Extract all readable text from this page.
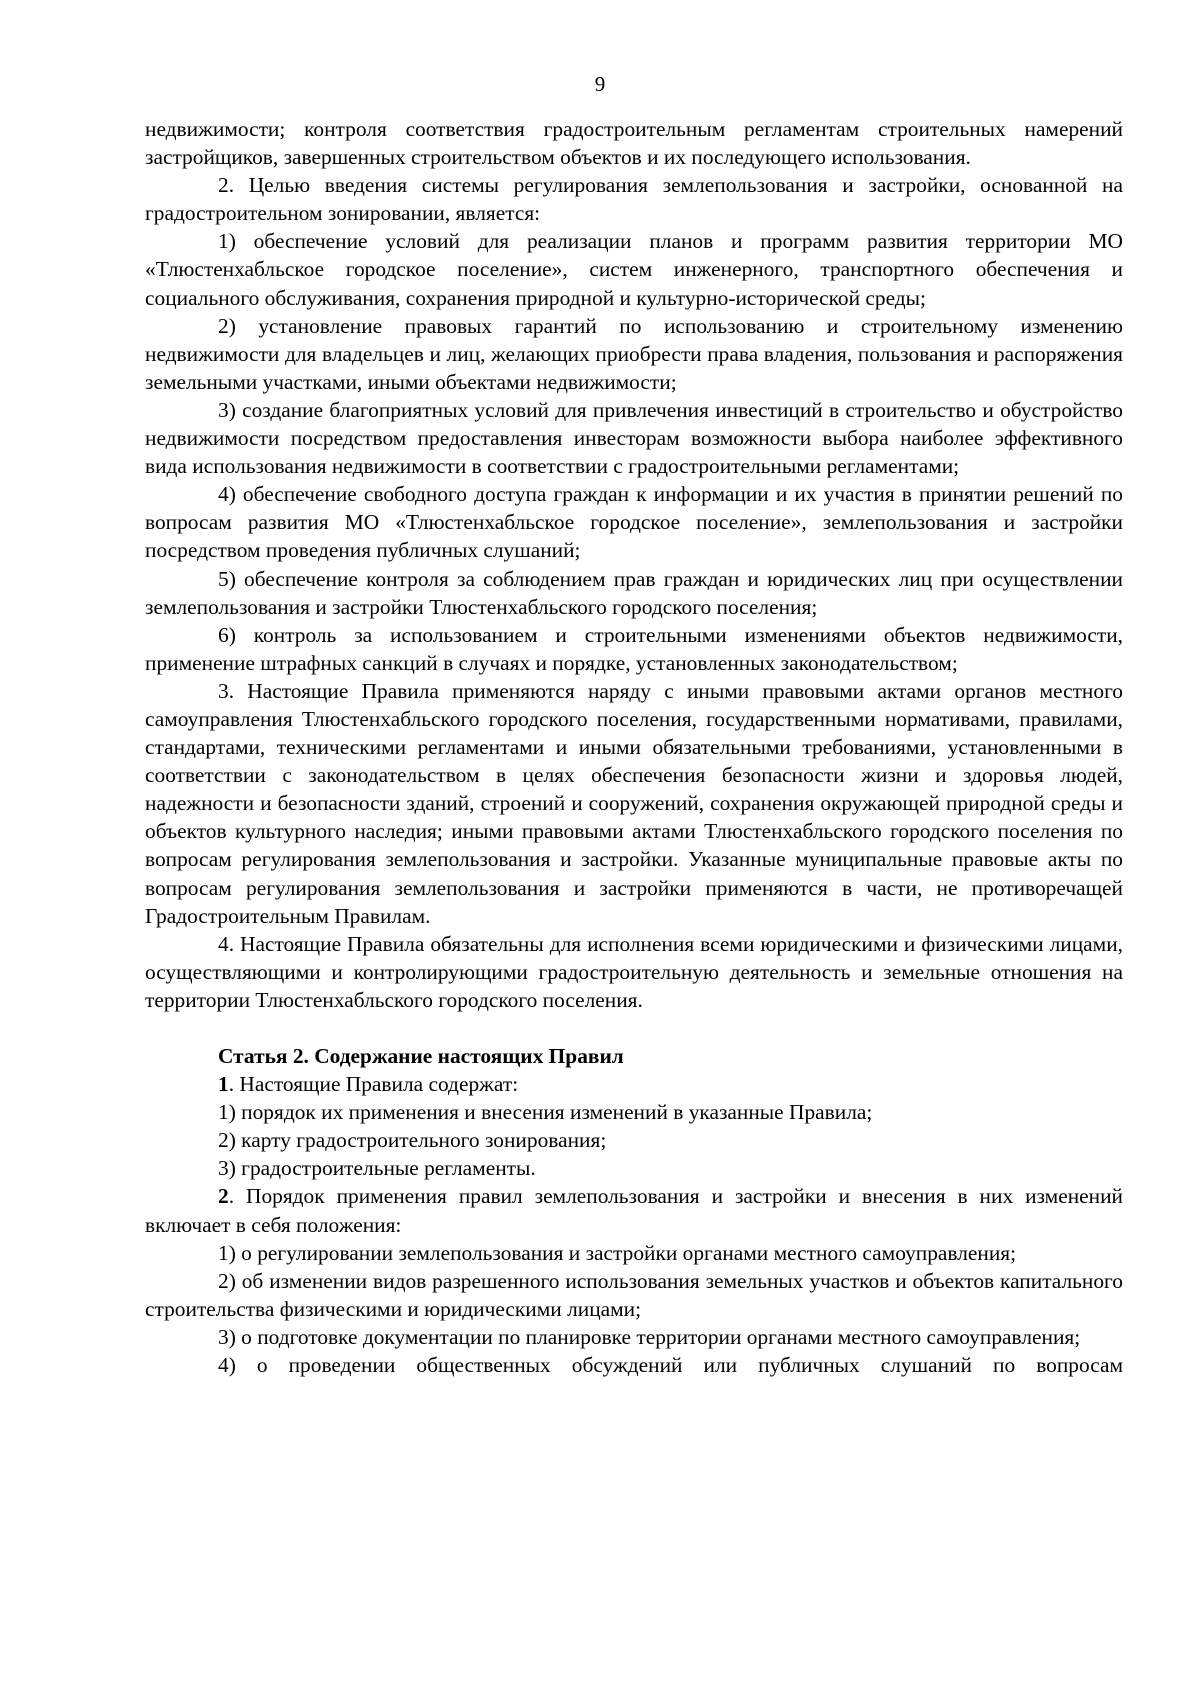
9

недвижимости; контроля соответствия градостроительным регламентам строительных намерений застройщиков, завершенных строительством объектов и их последующего использования.

2. Целью введения системы регулирования землепользования и застройки, основанной на градостроительном зонировании, является:

1) обеспечение условий для реализации планов и программ развития территории МО «Тлюстенхабльское городское поселение», систем инженерного, транспортного обеспечения и социального обслуживания, сохранения природной и культурно-исторической среды;

2) установление правовых гарантий по использованию и строительному изменению недвижимости для владельцев и лиц, желающих приобрести права владения, пользования и распоряжения земельными участками, иными объектами недвижимости;

3) создание благоприятных условий для привлечения инвестиций в строительство и обустройство недвижимости посредством предоставления инвесторам возможности выбора наиболее эффективного вида использования недвижимости в соответствии с градостроительными регламентами;

4) обеспечение свободного доступа граждан к информации и их участия в принятии решений по вопросам развития МО «Тлюстенхабльское городское поселение», землепользования и застройки посредством проведения публичных слушаний;

5) обеспечение контроля за соблюдением прав граждан и юридических лиц при осуществлении землепользования и застройки Тлюстенхабльского городского поселения;

6) контроль за использованием и строительными изменениями объектов недвижимости, применение штрафных санкций в случаях и порядке, установленных законодательством;

3. Настоящие Правила применяются наряду с иными правовыми актами органов местного самоуправления Тлюстенхабльского городского поселения, государственными нормативами, правилами, стандартами, техническими регламентами и иными обязательными требованиями, установленными в соответствии с законодательством в целях обеспечения безопасности жизни и здоровья людей, надежности и безопасности зданий, строений и сооружений, сохранения окружающей природной среды и объектов культурного наследия; иными правовыми актами Тлюстенхабльского городского поселения по вопросам регулирования землепользования и застройки. Указанные муниципальные правовые акты по вопросам регулирования землепользования и застройки применяются в части, не противоречащей Градостроительным Правилам.

4. Настоящие Правила обязательны для исполнения всеми юридическими и физическими лицами, осуществляющими и контролирующими градостроительную деятельность и земельные отношения на территории Тлюстенхабльского городского поселения.

Статья 2. Содержание настоящих Правил

1. Настоящие Правила содержат:

1) порядок их применения и внесения изменений в указанные Правила;

2) карту градостроительного зонирования;

3) градостроительные регламенты.

2. Порядок применения правил землепользования и застройки и внесения в них изменений включает в себя положения:

1) о регулировании землепользования и застройки органами местного самоуправления;

2) об изменении видов разрешенного использования земельных участков и объектов капитального строительства физическими и юридическими лицами;

3) о подготовке документации по планировке территории органами местного самоуправления;

4) о проведении общественных обсуждений или публичных слушаний по вопросам
